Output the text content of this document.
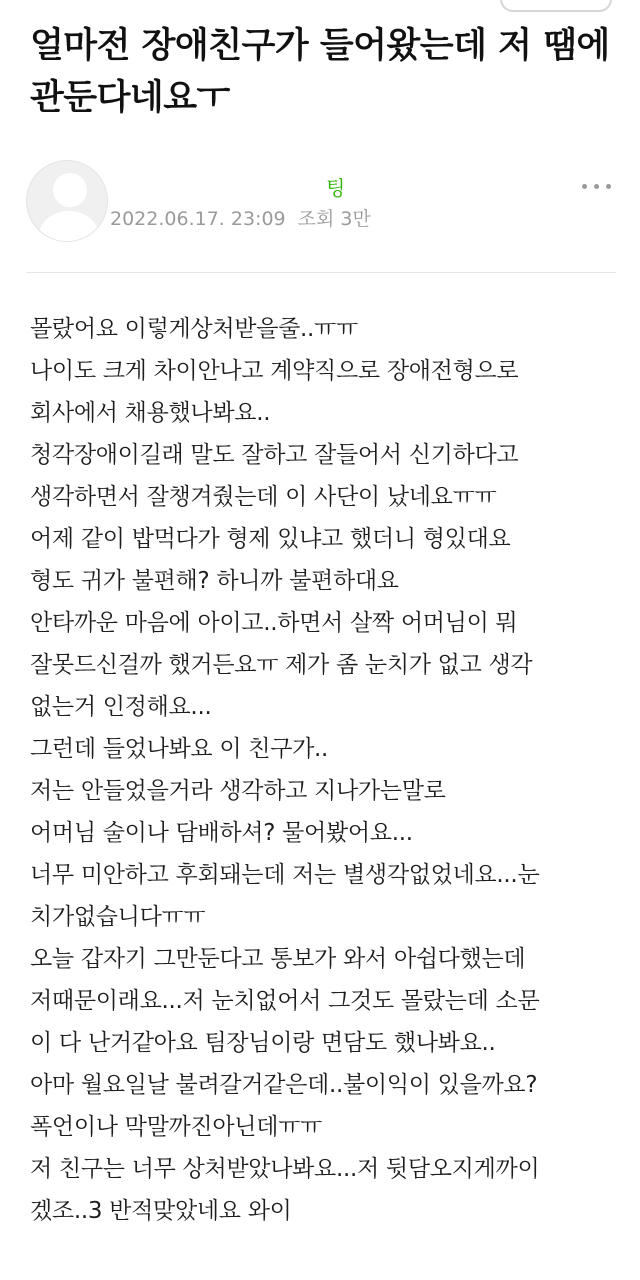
얼마전 장애친구가 들어왔는데 저 땜에 관둔다네요ㅜ
팅
2022.06.17. 23:09 조회 3만
몰랐어요 이렇게상처받을줄..ㅠㅠ
나이도 크게 차이안나고 계약직으로 장애전형으로
회사에서 채용했나봐요..
청각장애이길래 말도 잘하고 잘들어서 신기하다고
생각하면서 잘챙겨줬는데 이 사단이 났네요ㅠㅠ
어제 같이 밥먹다가 형제 있냐고 했더니 형있대요
형도 귀가 불편해? 하니까 불편하대요
안타까운 마음에 아이고..하면서 살짝 어머님이 뭐
잘못드신걸까 했거든요ㅠ 제가 좀 눈치가 없고 생각
없는거 인정해요...
그런데 들었나봐요 이 친구가..
저는 안들었을거라 생각하고 지나가는말로
어머님 술이나 담배하셔? 물어봤어요...
너무 미안하고 후회돼는데 저는 별생각없었네요...눈
치가없습니다ㅠㅠ
오늘 갑자기 그만둔다고 통보가 와서 아쉽다했는데
저때문이래요...저 눈치없어서 그것도 몰랐는데 소문
이 다 난거같아요 팀장님이랑 면담도 했나봐요..
아마 월요일날 불려갈거같은데..불이익이 있을까요?
폭언이나 막말까진아닌데ㅠㅠ
저 친구는 너무 상처받았나봐요...저 뒷담오지게까이
겠조..3 반적맞았네요 와이
